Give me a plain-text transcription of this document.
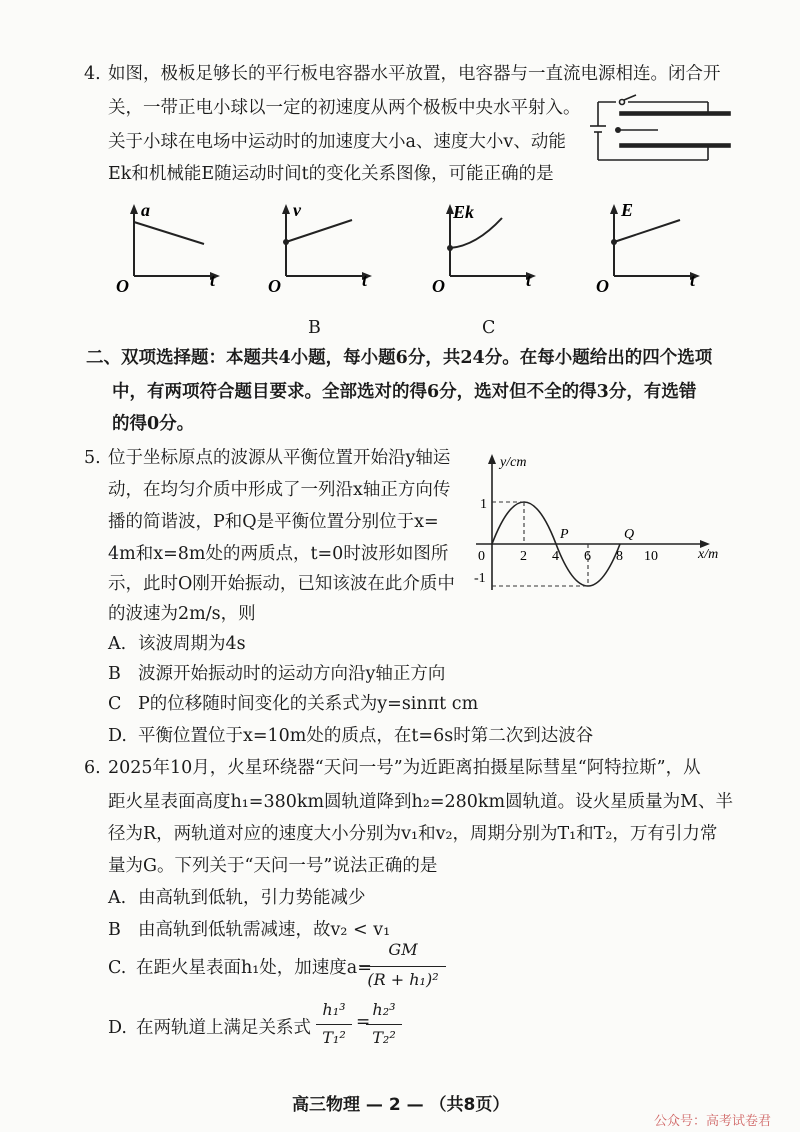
4. 如图，极板足够长的平行板电容器水平放置，电容器与一直流电源相连。闭合开
关，一带正电小球以一定的初速度从两个极板中央水平射入。
关于小球在电场中运动时的加速度大小a、速度大小v、动能
Ek和机械能E随运动时间t的变化关系图像，可能正确的是
a
O	t
v
O	t
Ek
O	t
E
O	t
B	C
二、双项选择题：本题共4小题，每小题6分，共24分。在每小题给出的四个选项
中，有两项符合题目要求。全部选对的得6分，选对但不全的得3分，有选错
的得0分。
5. 位于坐标原点的波源从平衡位置开始沿y轴运
动，在均匀介质中形成了一列沿x轴正方向传
播的简谐波，P和Q是平衡位置分别位于x=
4m和x=8m处的两质点，t=0时波形如图所
示，此时O刚开始振动，已知该波在此介质中
的波速为2m/s，则
y/cm
x/m
0
1
-1
2 4 6 8 10
P	Q
A. 该波周期为4s
B 波源开始振动时的运动方向沿y轴正方向
C P的位移随时间变化的关系式为y=sinπt cm
D. 平衡位置位于x=10m处的质点，在t=6s时第二次到达波谷
6. 2025年10月，火星环绕器“天问一号”为近距离拍摄星际彗星“阿特拉斯”，从
距火星表面高度h₁=380km圆轨道降到h₂=280km圆轨道。设火星质量为M、半
径为R，两轨道对应的速度大小分别为v₁和v₂，周期分别为T₁和T₂，万有引力常
量为G。下列关于“天问一号”说法正确的是
A. 由高轨到低轨，引力势能减少
B 由高轨到低轨需减速，故v₂ < v₁
C. 在距火星表面h₁处，加速度a=
GM
(R + h₁)²
D. 在两轨道上满足关系式
h₁³
T₁²
=
h₂³
T₂²
高三物理 — 2 — （共8页）
公众号：高考试卷君
